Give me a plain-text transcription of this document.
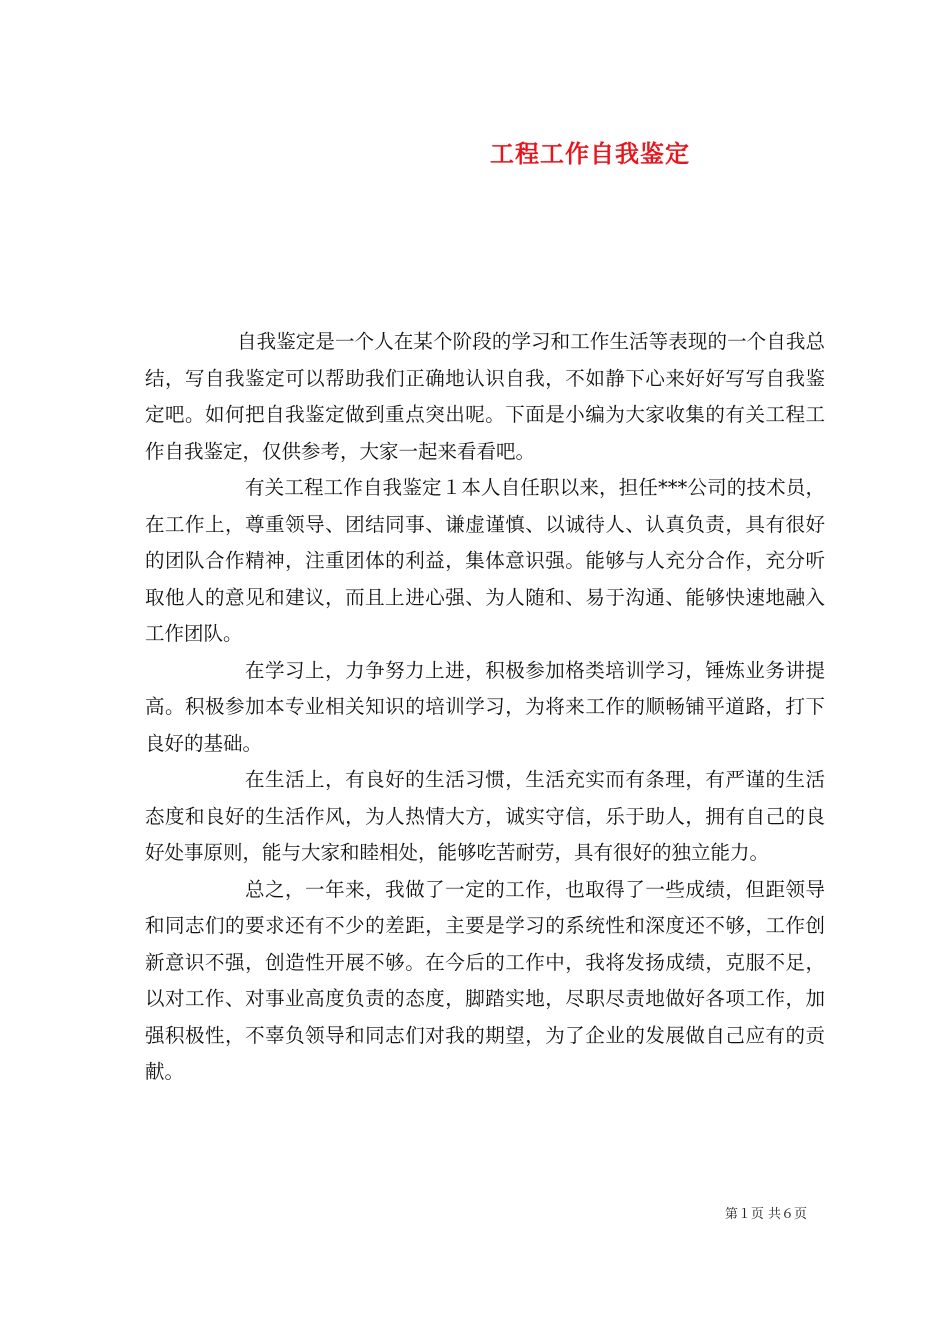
工程工作自我鉴定

自我鉴定是一个人在某个阶段的学习和工作生活等表现的一个自我总结，写自我鉴定可以帮助我们正确地认识自我，不如静下心来好好写写自我鉴定吧。如何把自我鉴定做到重点突出呢。下面是小编为大家收集的有关工程工作自我鉴定，仅供参考，大家一起来看看吧。

有关工程工作自我鉴定１本人自任职以来，担任***公司的技术员，在工作上，尊重领导、团结同事、谦虚谨慎、以诚待人、认真负责，具有很好的团队合作精神，注重团体的利益，集体意识强。能够与人充分合作，充分听取他人的意见和建议，而且上进心强、为人随和、易于沟通、能够快速地融入工作团队。

在学习上，力争努力上进，积极参加格类培训学习，锤炼业务讲提高。积极参加本专业相关知识的培训学习，为将来工作的顺畅铺平道路，打下良好的基础。

在生活上，有良好的生活习惯，生活充实而有条理，有严谨的生活态度和良好的生活作风，为人热情大方，诚实守信，乐于助人，拥有自己的良好处事原则，能与大家和睦相处，能够吃苦耐劳，具有很好的独立能力。

总之，一年来，我做了一定的工作，也取得了一些成绩，但距领导和同志们的要求还有不少的差距，主要是学习的系统性和深度还不够，工作创新意识不强，创造性开展不够。在今后的工作中，我将发扬成绩，克服不足，以对工作、对事业高度负责的态度，脚踏实地，尽职尽责地做好各项工作，加强积极性，不辜负领导和同志们对我的期望，为了企业的发展做自己应有的贡献。

第１页 共６页
